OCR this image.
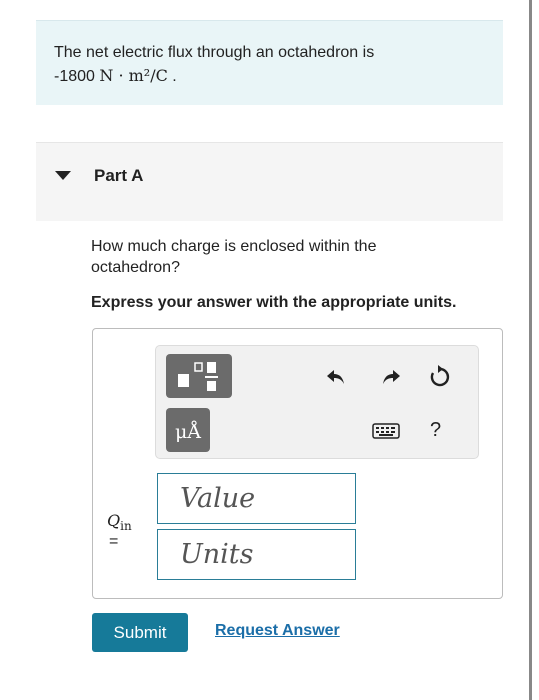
The net electric flux through an octahedron is
-1800 N · m²/C .
Part A
How much charge is enclosed within the octahedron?
Express your answer with the appropriate units.
μÅ	?
$Q_{in}$
=
Value
Units
Submit	Request Answer
